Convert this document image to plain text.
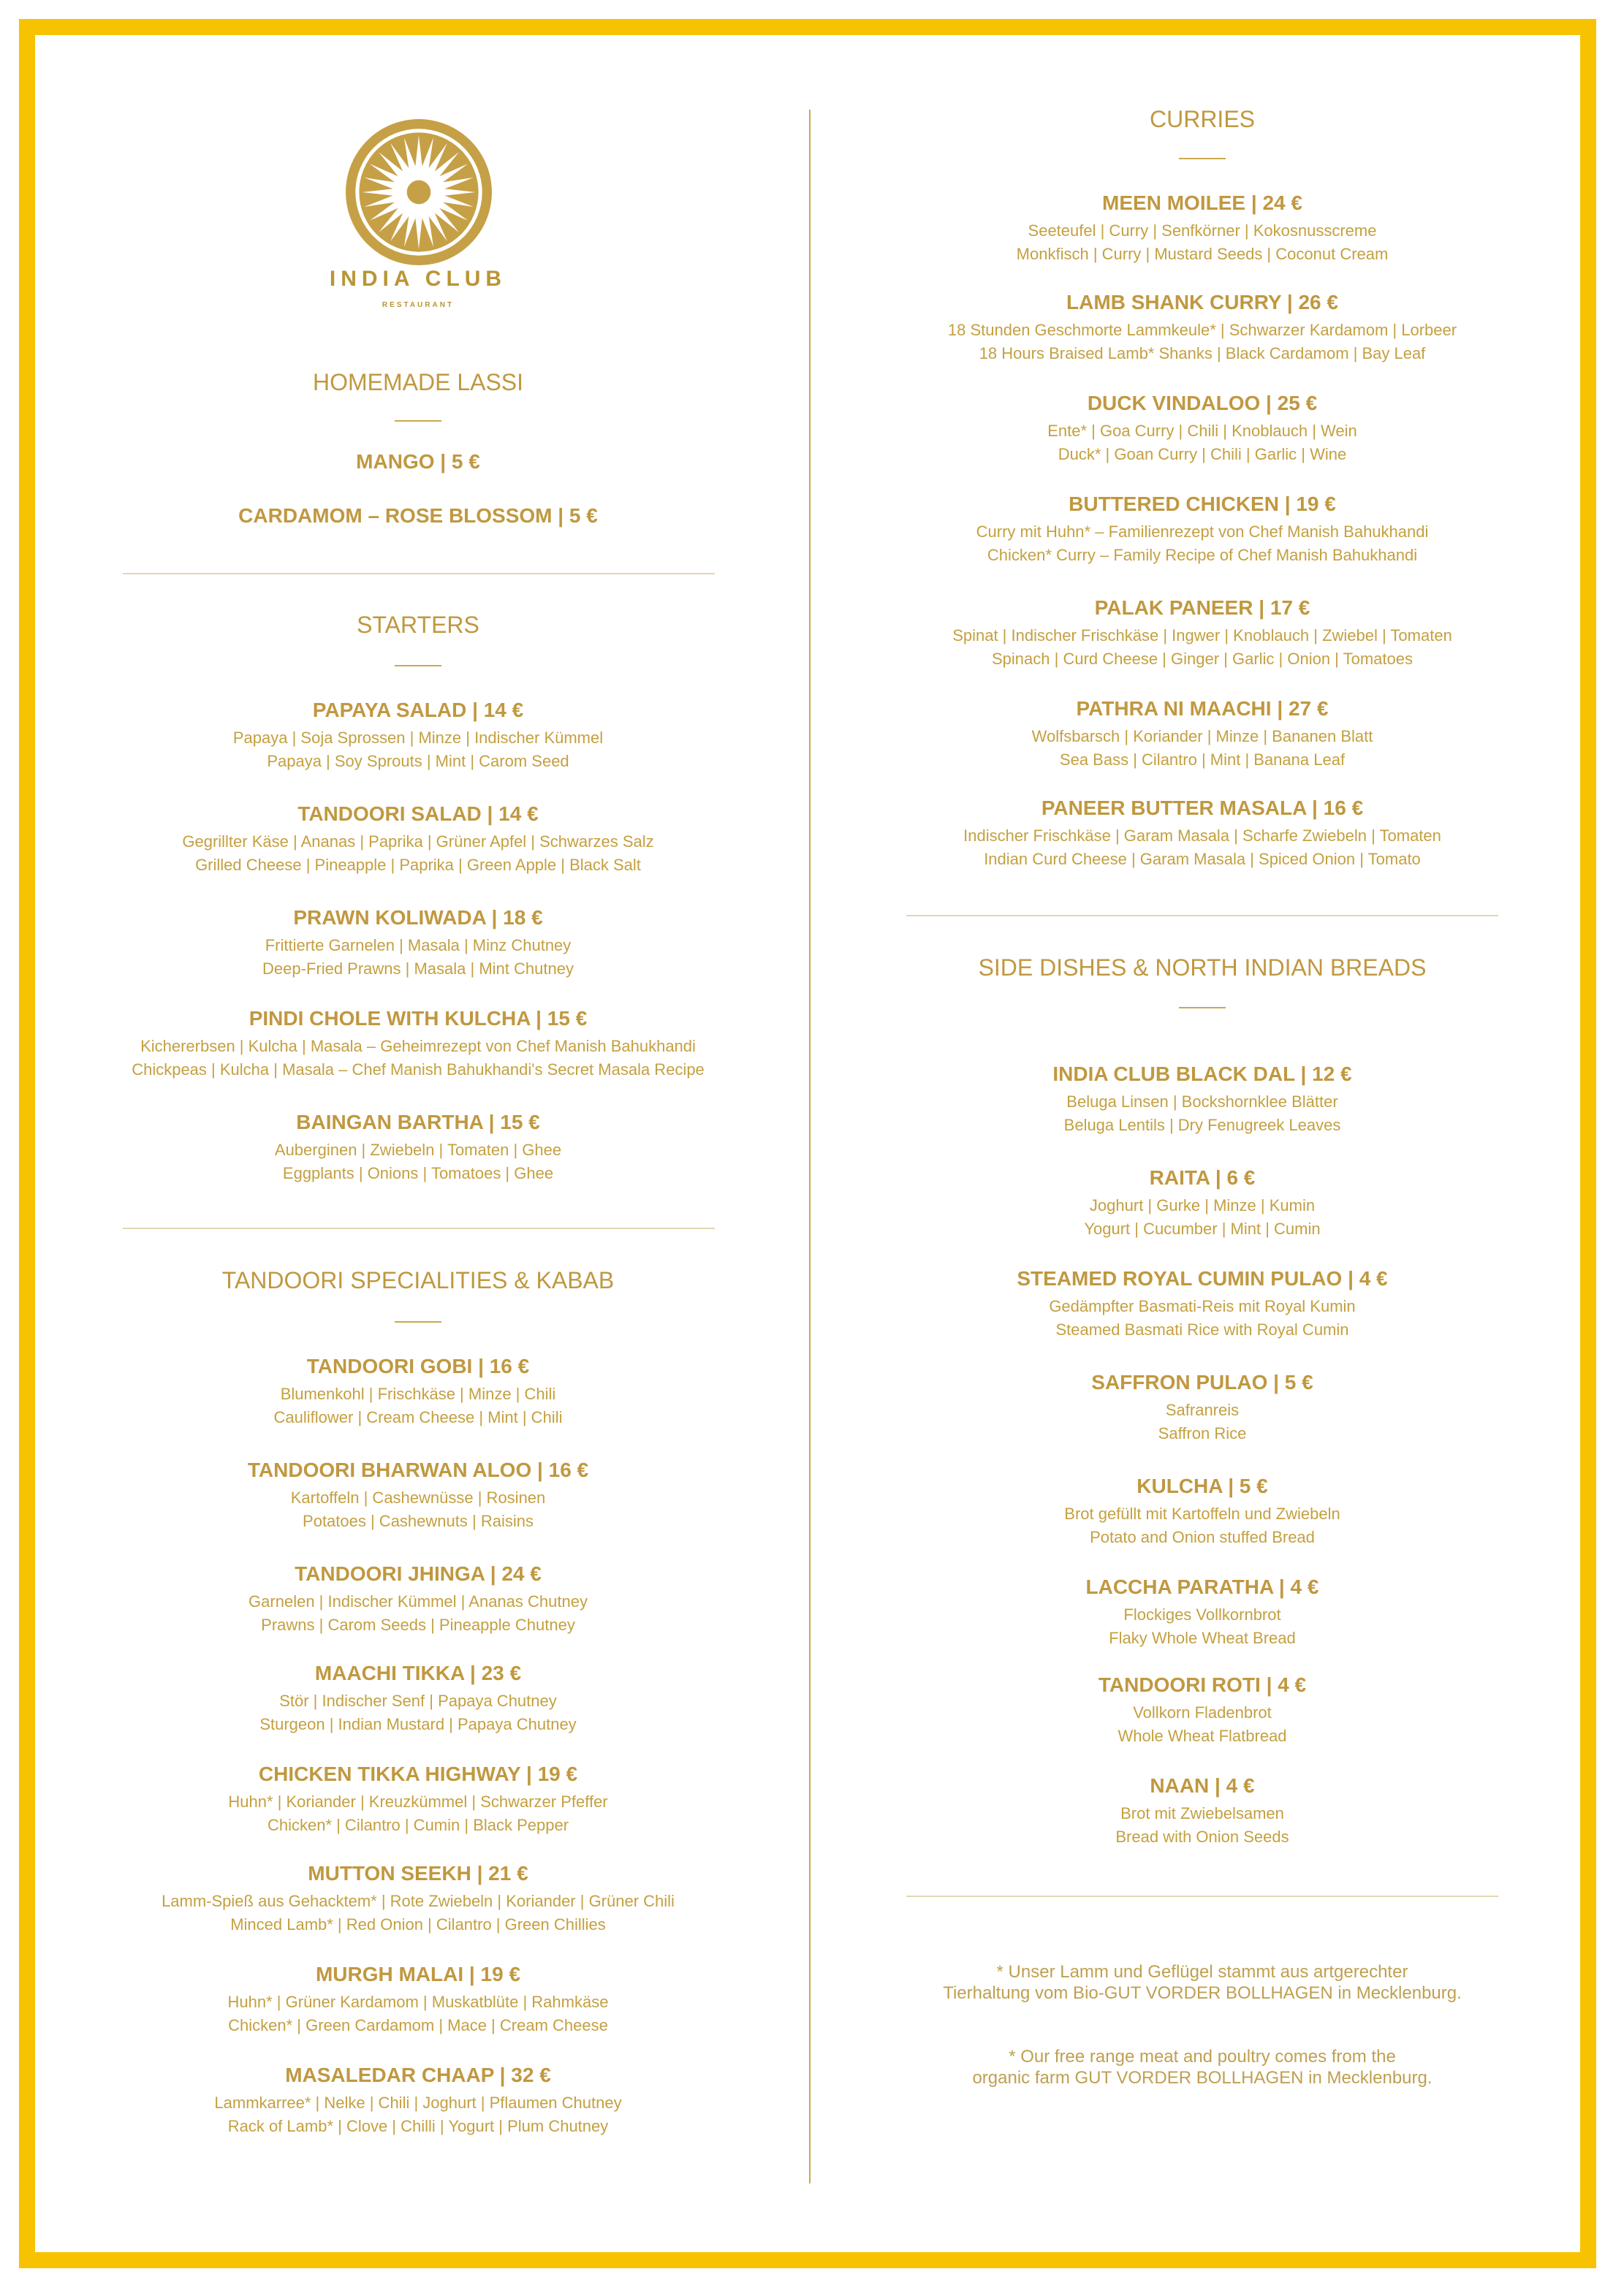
INDIA CLUB
RESTAURANT
HOMEMADE LASSI
MANGO | 5 €
CARDAMOM – ROSE BLOSSOM | 5 €
STARTERS
PAPAYA SALAD | 14 €
Papaya | Soja Sprossen | Minze | Indischer Kümmel
Papaya | Soy Sprouts | Mint | Carom Seed
TANDOORI SALAD | 14 €
Gegrillter Käse | Ananas | Paprika | Grüner Apfel | Schwarzes Salz
Grilled Cheese | Pineapple | Paprika | Green Apple | Black Salt
PRAWN KOLIWADA | 18 €
Frittierte Garnelen | Masala | Minz Chutney
Deep-Fried Prawns | Masala | Mint Chutney
PINDI CHOLE WITH KULCHA | 15 €
Kichererbsen | Kulcha | Masala – Geheimrezept von Chef Manish Bahukhandi
Chickpeas | Kulcha | Masala – Chef Manish Bahukhandi's Secret Masala Recipe
BAINGAN BARTHA | 15 €
Auberginen | Zwiebeln | Tomaten | Ghee
Eggplants | Onions | Tomatoes | Ghee
TANDOORI SPECIALITIES & KABAB
TANDOORI GOBI | 16 €
Blumenkohl | Frischkäse | Minze | Chili
Cauliflower | Cream Cheese | Mint | Chili
TANDOORI BHARWAN ALOO | 16 €
Kartoffeln | Cashewnüsse | Rosinen
Potatoes | Cashewnuts | Raisins
TANDOORI JHINGA | 24 €
Garnelen | Indischer Kümmel | Ananas Chutney
Prawns | Carom Seeds | Pineapple Chutney
MAACHI TIKKA | 23 €
Stör | Indischer Senf | Papaya Chutney
Sturgeon | Indian Mustard | Papaya Chutney
CHICKEN TIKKA HIGHWAY | 19 €
Huhn* | Koriander | Kreuzkümmel | Schwarzer Pfeffer
Chicken* | Cilantro | Cumin | Black Pepper
MUTTON SEEKH | 21 €
Lamm-Spieß aus Gehacktem* | Rote Zwiebeln | Koriander | Grüner Chili
Minced Lamb* | Red Onion | Cilantro | Green Chillies
MURGH MALAI | 19 €
Huhn* | Grüner Kardamom | Muskatblüte | Rahmkäse
Chicken* | Green Cardamom | Mace | Cream Cheese
MASALEDAR CHAAP | 32 €
Lammkarree* | Nelke | Chili | Joghurt | Pflaumen Chutney
Rack of Lamb* | Clove | Chilli | Yogurt | Plum Chutney
CURRIES
MEEN MOILEE | 24 €
Seeteufel | Curry | Senfkörner | Kokosnusscreme
Monkfisch | Curry | Mustard Seeds | Coconut Cream
LAMB SHANK CURRY | 26 €
18 Stunden Geschmorte Lammkeule* | Schwarzer Kardamom | Lorbeer
18 Hours Braised Lamb* Shanks | Black Cardamom | Bay Leaf
DUCK VINDALOO | 25 €
Ente* | Goa Curry | Chili | Knoblauch | Wein
Duck* | Goan Curry | Chili | Garlic | Wine
BUTTERED CHICKEN | 19 €
Curry mit Huhn* – Familienrezept von Chef Manish Bahukhandi
Chicken* Curry – Family Recipe of Chef Manish Bahukhandi
PALAK PANEER | 17 €
Spinat | Indischer Frischkäse | Ingwer | Knoblauch | Zwiebel | Tomaten
Spinach | Curd Cheese | Ginger | Garlic | Onion | Tomatoes
PATHRA NI MAACHI | 27 €
Wolfsbarsch | Koriander | Minze | Bananen Blatt
Sea Bass | Cilantro | Mint | Banana Leaf
PANEER BUTTER MASALA | 16 €
Indischer Frischkäse | Garam Masala | Scharfe Zwiebeln | Tomaten
Indian Curd Cheese | Garam Masala | Spiced Onion | Tomato
SIDE DISHES & NORTH INDIAN BREADS
INDIA CLUB BLACK DAL | 12 €
Beluga Linsen | Bockshornklee Blätter
Beluga Lentils | Dry Fenugreek Leaves
RAITA | 6 €
Joghurt | Gurke | Minze | Kumin
Yogurt | Cucumber | Mint | Cumin
STEAMED ROYAL CUMIN PULAO | 4 €
Gedämpfter Basmati-Reis mit Royal Kumin
Steamed Basmati Rice with Royal Cumin
SAFFRON PULAO | 5 €
Safranreis
Saffron Rice
KULCHA | 5 €
Brot gefüllt mit Kartoffeln und Zwiebeln
Potato and Onion stuffed Bread
LACCHA PARATHA | 4 €
Flockiges Vollkornbrot
Flaky Whole Wheat Bread
TANDOORI ROTI | 4 €
Vollkorn Fladenbrot
Whole Wheat Flatbread
NAAN | 4 €
Brot mit Zwiebelsamen
Bread with Onion Seeds
* Unser Lamm und Geflügel stammt aus artgerechter
Tierhaltung vom Bio-GUT VORDER BOLLHAGEN in Mecklenburg.
* Our free range meat and poultry comes from the
organic farm GUT VORDER BOLLHAGEN in Mecklenburg.
